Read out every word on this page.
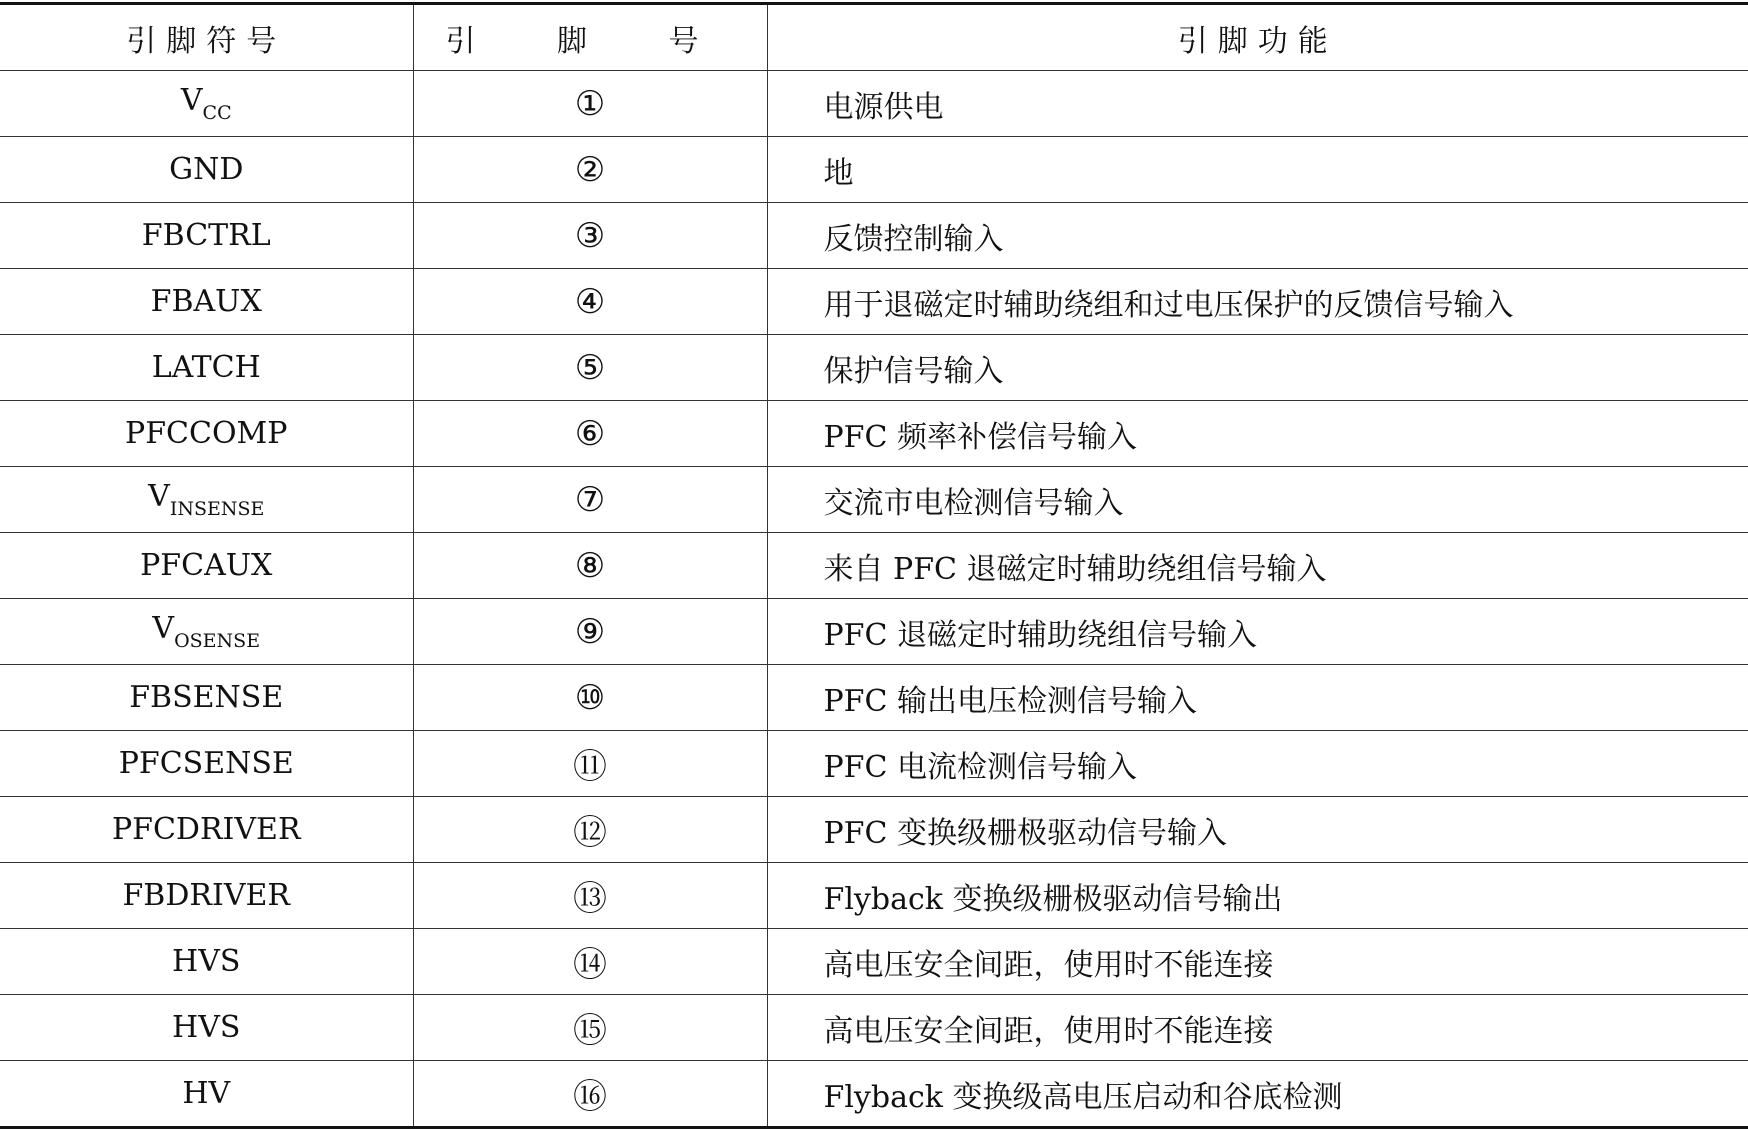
引脚符号	引 脚 号	引脚功能
$V_{CC}$	①	电源供电
GND	②	地
FBCTRL	③	反馈控制输入
FBAUX	④	用于退磁定时辅助绕组和过电压保护的反馈信号输入
LATCH	⑤	保护信号输入
PFCCOMP	⑥	PFC 频率补偿信号输入
$V_{INSENSE}$	⑦	交流市电检测信号输入
PFCAUX	⑧	来自 PFC 退磁定时辅助绕组信号输入
$V_{OSENSE}$	⑨	PFC 退磁定时辅助绕组信号输入
FBSENSE	⑩	PFC 输出电压检测信号输入
PFCSENSE	⑪	PFC 电流检测信号输入
PFCDRIVER	⑫	PFC 变换级栅极驱动信号输入
FBDRIVER	⑬	Flyback 变换级栅极驱动信号输出
HVS	⑭	高电压安全间距，使用时不能连接
HVS	⑮	高电压安全间距，使用时不能连接
HV	⑯	Flyback 变换级高电压启动和谷底检测
